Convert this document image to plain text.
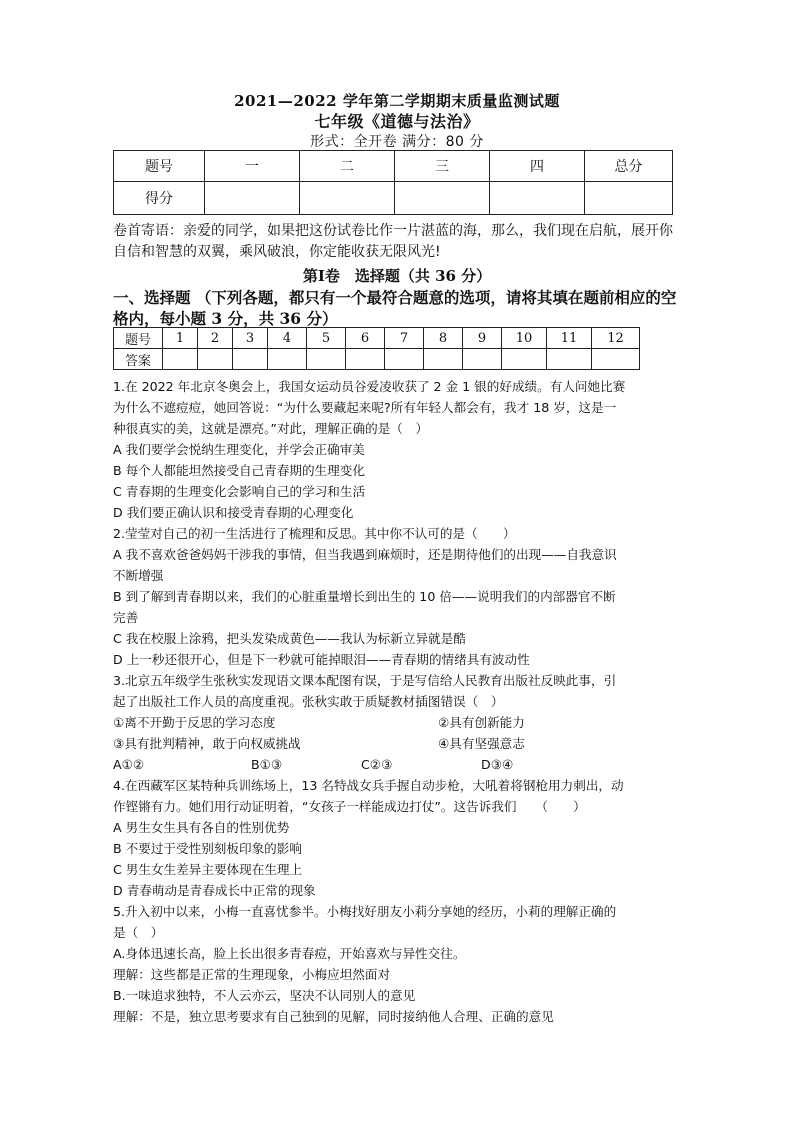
2021—2022 学年第二学期期末质量监测试题
七年级《道德与法治》
形式：全开卷 满分：80 分
题号	一	二	三	四	总分
得分					
卷首寄语：亲爱的同学，如果把这份试卷比作一片湛蓝的海，那么，我们现在启航，展开你自信和智慧的双翼，乘风破浪，你定能收获无限风光!
第Ⅰ卷　选择题（共 36 分）
一、选择题 （下列各题，都只有一个最符合题意的选项，请将其填在题前相应的空格内，每小题 3 分，共 36 分）
题号	1	2	3	4	5	6	7	8	9	10	11	12
答案												
1.在 2022 年北京冬奥会上，我国女运动员谷爱凌收获了 2 金 1 银的好成绩。有人问她比赛
为什么不遮痘痘，她回答说：“为什么要藏起来呢?所有年轻人都会有，我才 18 岁，这是一
种很真实的美，这就是漂亮。”对此，理解正确的是（　）
A 我们要学会悦纳生理变化，并学会正确审美
B 每个人都能坦然接受自己青春期的生理变化
C 青春期的生理变化会影响自己的学习和生活
D 我们要正确认识和接受青春期的心理变化
2.莹莹对自己的初一生活进行了梳理和反思。其中你不认可的是（　　）
A 我不喜欢爸爸妈妈干涉我的事情，但当我遇到麻烦时，还是期待他们的出现——自我意识
不断增强
B 到了解到青春期以来，我们的心脏重量增长到出生的 10 倍——说明我们的内部器官不断
完善
C 我在校服上涂鸦，把头发染成黄色——我认为标新立异就是酷
D 上一秒还很开心，但是下一秒就可能掉眼泪——青春期的情绪具有波动性
3.北京五年级学生张秋实发现语文课本配图有误，于是写信给人民教育出版社反映此事，引
起了出版社工作人员的高度重视。张秋实敢于质疑教材插图错误（　）
①离不开勤于反思的学习态度	②具有创新能力
③具有批判精神，敢于向权威挑战	④具有坚强意志
A①②	B①③	C②③	D③④
4.在西藏军区某特种兵训练场上，13 名特战女兵手握自动步枪，大吼着将钢枪用力刺出，动
作铿锵有力。她们用行动证明着，“女孩子一样能成边打仗”。这告诉我们　　（　　）
A 男生女生具有各自的性别优势
B 不要过于受性别刻板印象的影响
C 男生女生差异主要体现在生理上
D 青春萌动是青春成长中正常的现象
5.升入初中以来，小梅一直喜忧参半。小梅找好朋友小莉分享她的经历，小莉的理解正确的
是（　）
A.身体迅速长高，脸上长出很多青春痘，开始喜欢与异性交往。
理解：这些都是正常的生理现象，小梅应坦然面对
B.一味追求独特，不人云亦云，坚决不认同别人的意见
理解：不是，独立思考要求有自己独到的见解，同时接纳他人合理、正确的意见
